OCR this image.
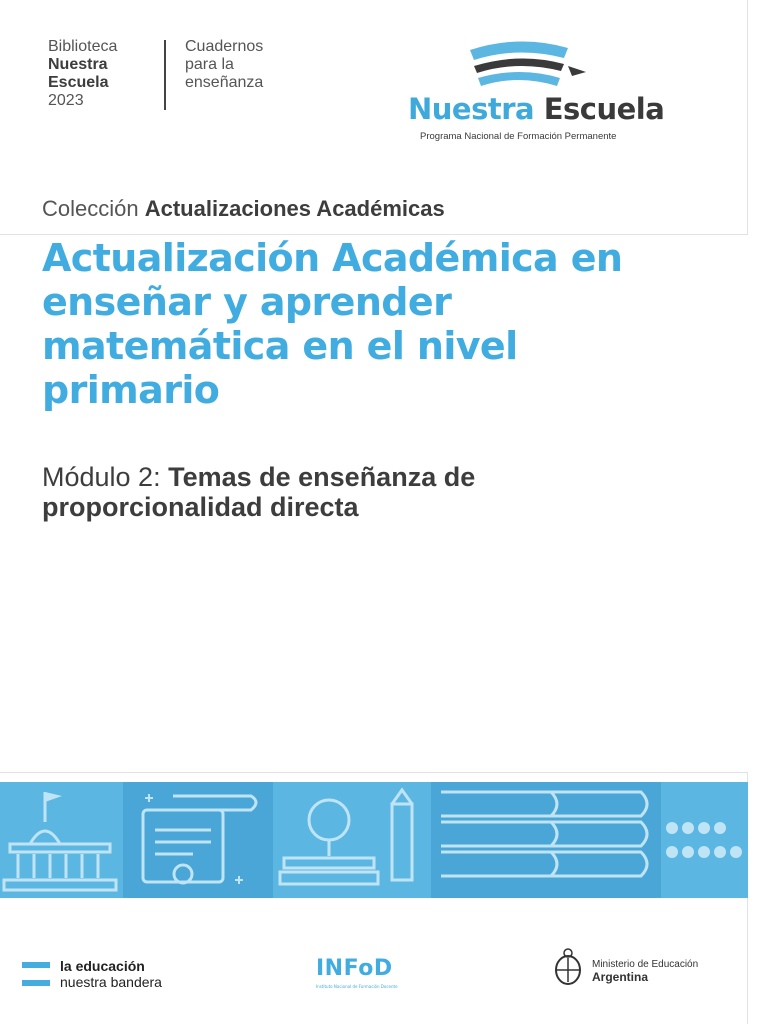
Biblioteca
Nuestra
Escuela
2023
Cuadernos
para la
enseñanza
Nuestra Escuela
Programa Nacional de Formación Permanente
Colección Actualizaciones Académicas
Actualización Académica en enseñar y aprender matemática en el nivel primario
Módulo 2: Temas de enseñanza de proporcionalidad directa
la educación
nuestra bandera
INFoD
Instituto Nacional de Formación Docente
Ministerio de Educación
Argentina
